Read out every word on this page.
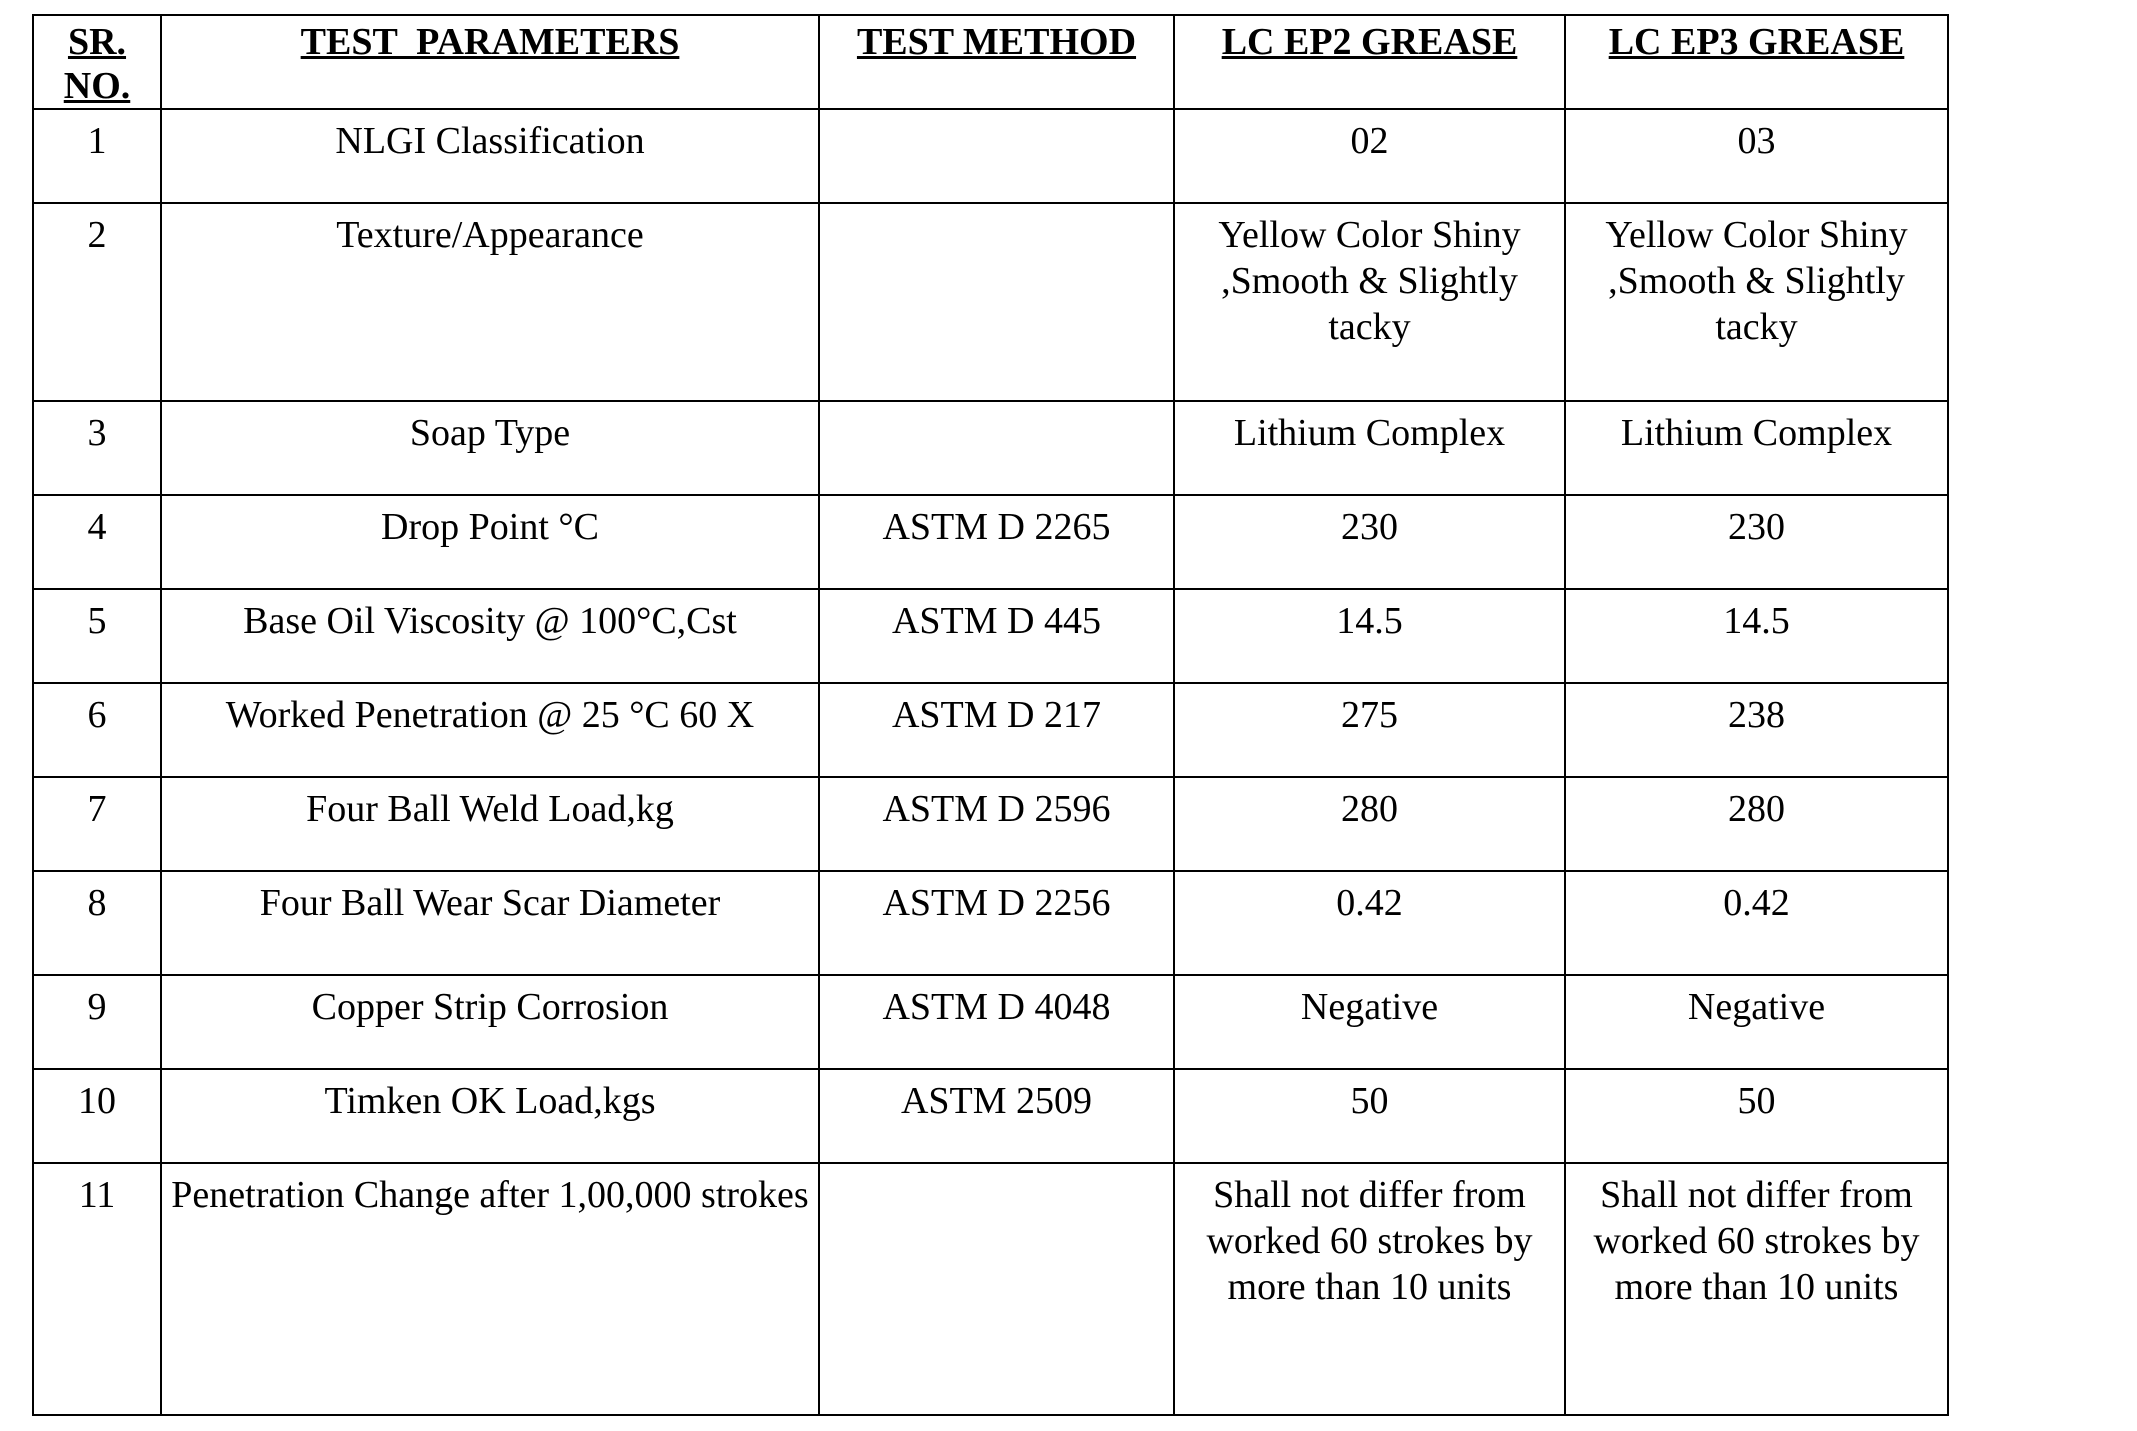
SR. NO.	TEST  PARAMETERS	TEST METHOD	LC EP2 GREASE	LC EP3 GREASE
1	NLGI Classification		02	03
2	Texture/Appearance		Yellow Color Shiny ,Smooth & Slightly tacky	Yellow Color Shiny ,Smooth & Slightly tacky
3	Soap Type		Lithium Complex	Lithium Complex
4	Drop Point °C	ASTM D 2265	230	230
5	Base Oil Viscosity @ 100°C,Cst	ASTM D 445	14.5	14.5
6	Worked Penetration @ 25 °C 60 X	ASTM D 217	275	238
7	Four Ball Weld Load,kg	ASTM D 2596	280	280
8	Four Ball Wear Scar Diameter	ASTM D 2256	0.42	0.42
9	Copper Strip Corrosion	ASTM D 4048	Negative	Negative
10	Timken OK Load,kgs	ASTM 2509	50	50
11	Penetration Change after 1,00,000 strokes		Shall not differ from worked 60 strokes by more than 10 units	Shall not differ from worked 60 strokes by more than 10 units
